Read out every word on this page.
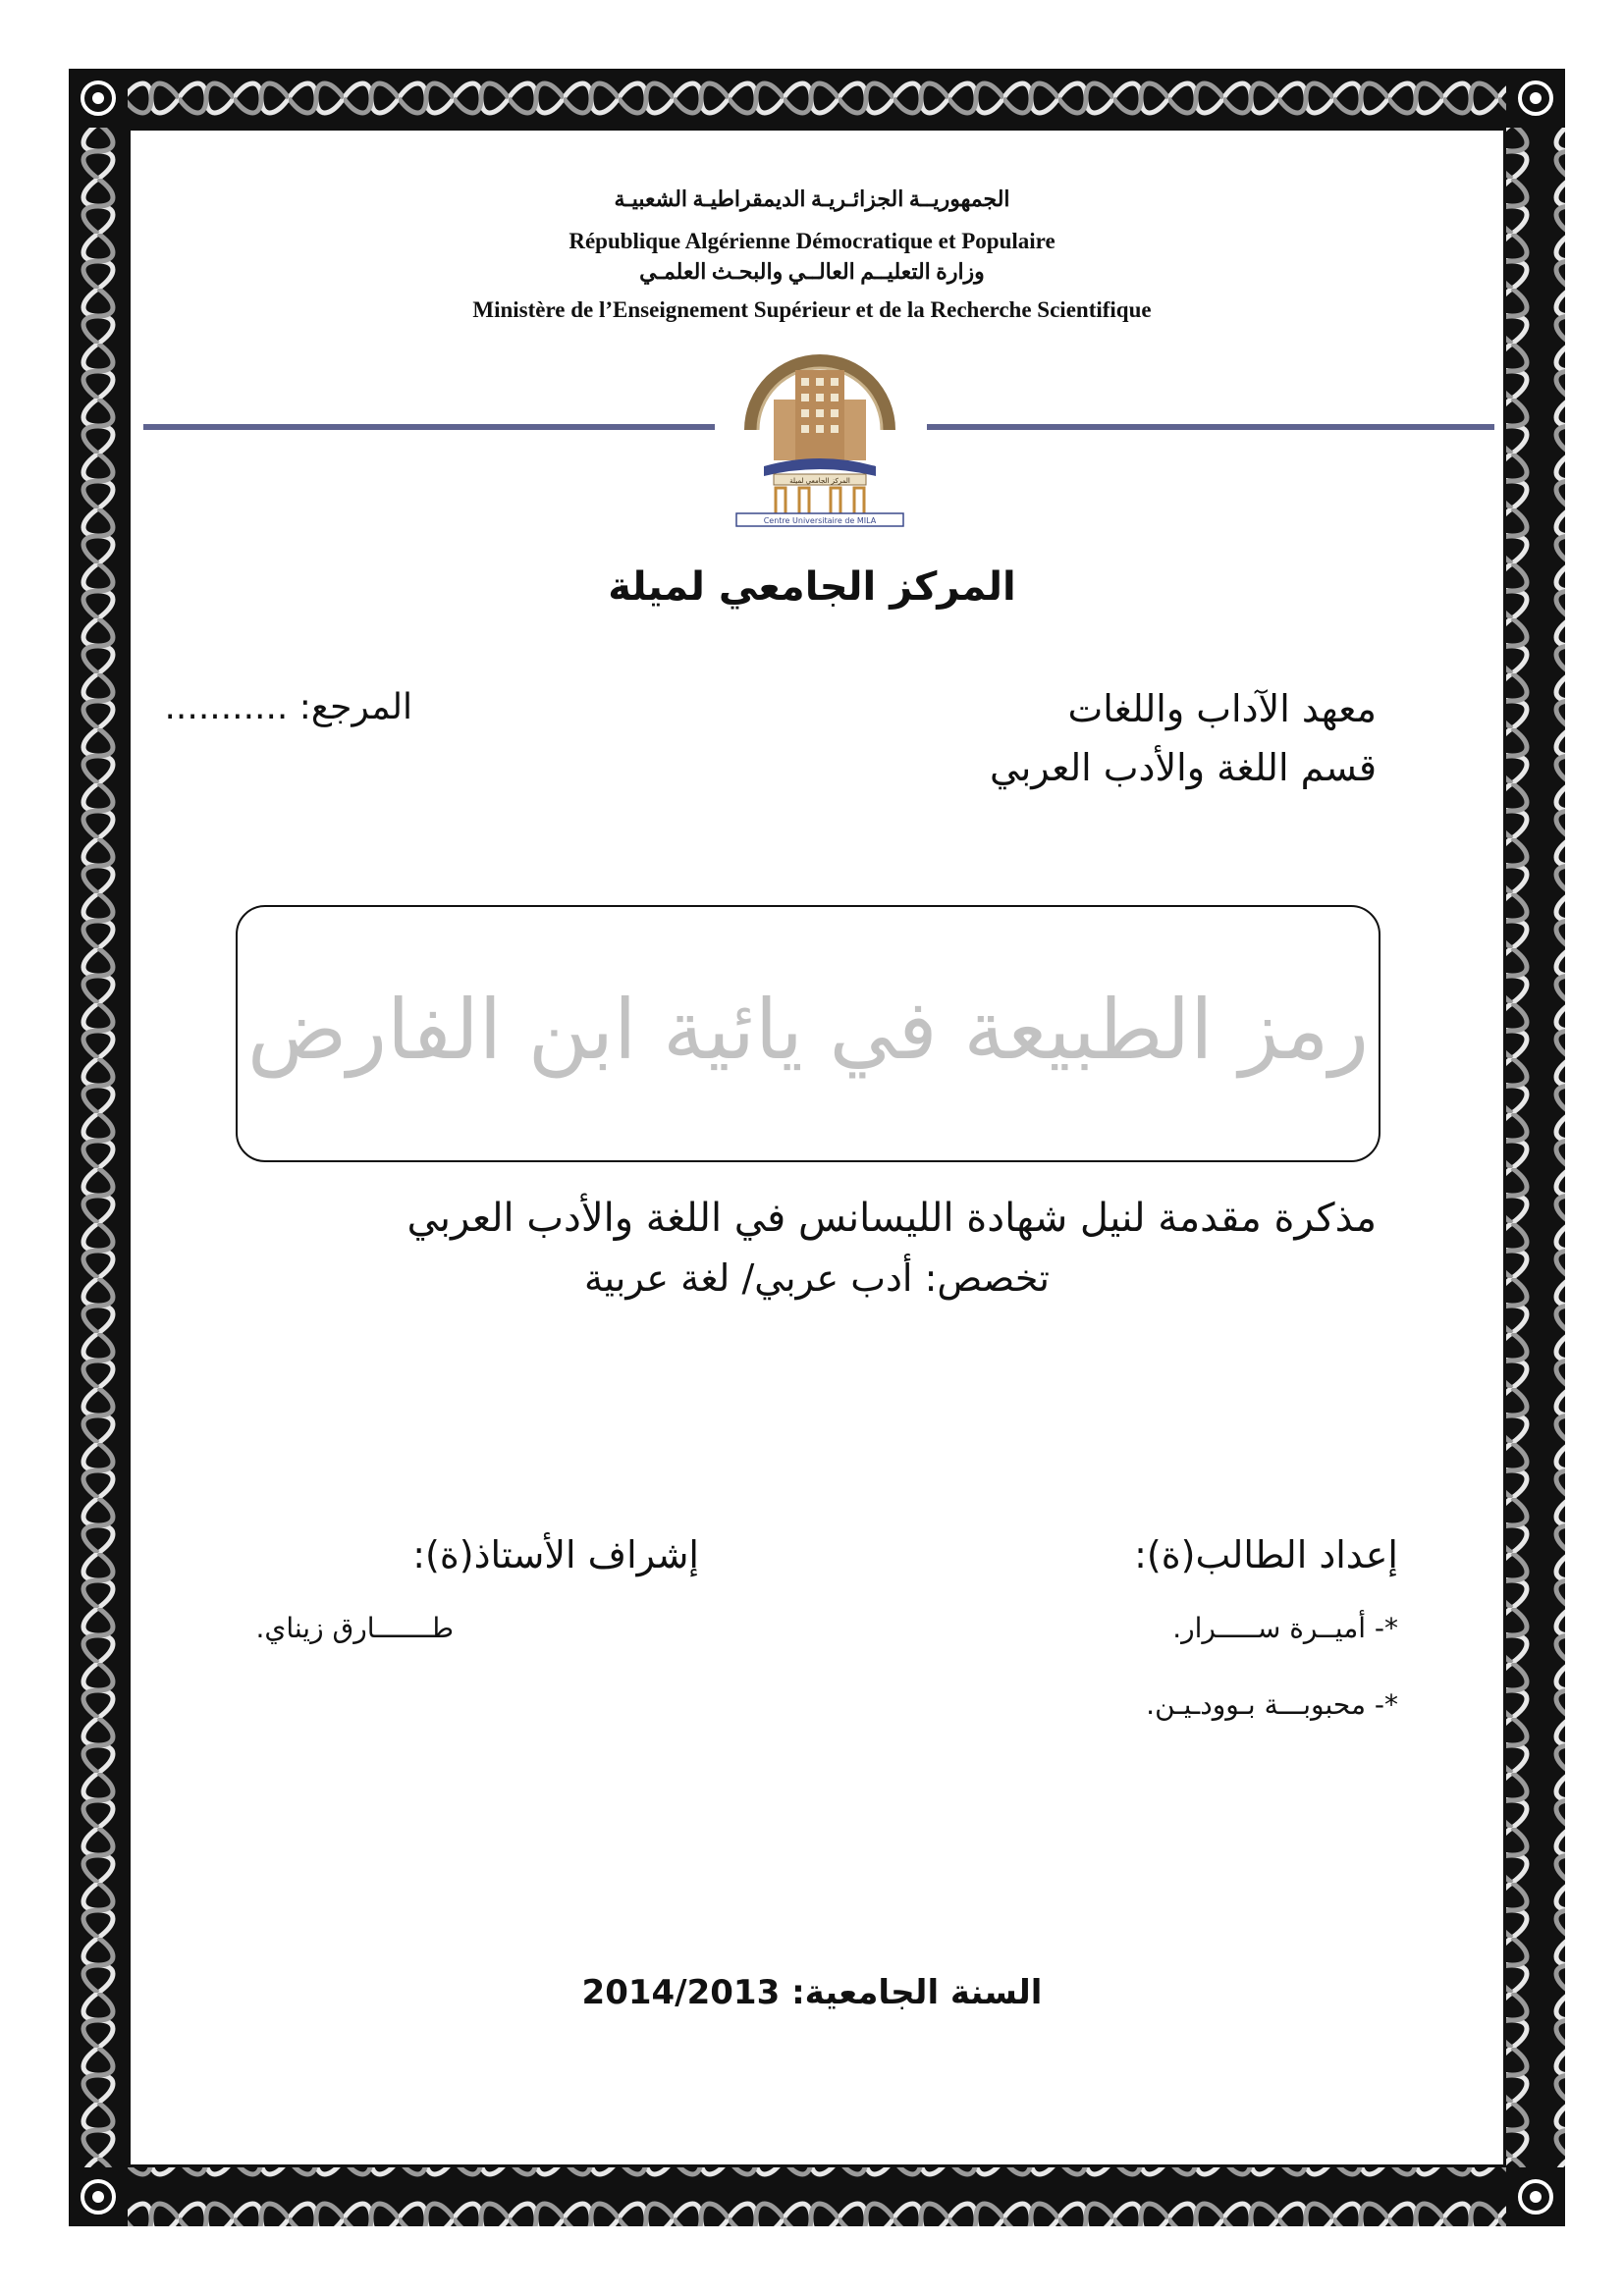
الجمهوريــة الجزائـريـة الديمقراطيـة الشعبيـة
République Algérienne Démocratique et Populaire
وزارة التعليــم العالــي والبحـث العلمـي
Ministère de l’Enseignement Supérieur et de la Recherche Scientifique
المركز الجامعي لميلة
Centre Universitaire de MILA
المركز الجامعي لميلة
معهد الآداب واللغات
قسم اللغة والأدب العربي
المرجع: ...........
رمز الطبيعة في يائية ابن الفارض
مذكرة مقدمة لنيل شهادة الليسانس في اللغة والأدب العربي
تخصص: أدب عربي/ لغة عربية
إعداد الطالب(ة):
*- أميــرة ســـــرار.
*- محبوبـــة بـوودـيـن.
إشراف الأستاذ(ة):
طـــــــارق زيناي.
السنة الجامعية: 2014/2013
